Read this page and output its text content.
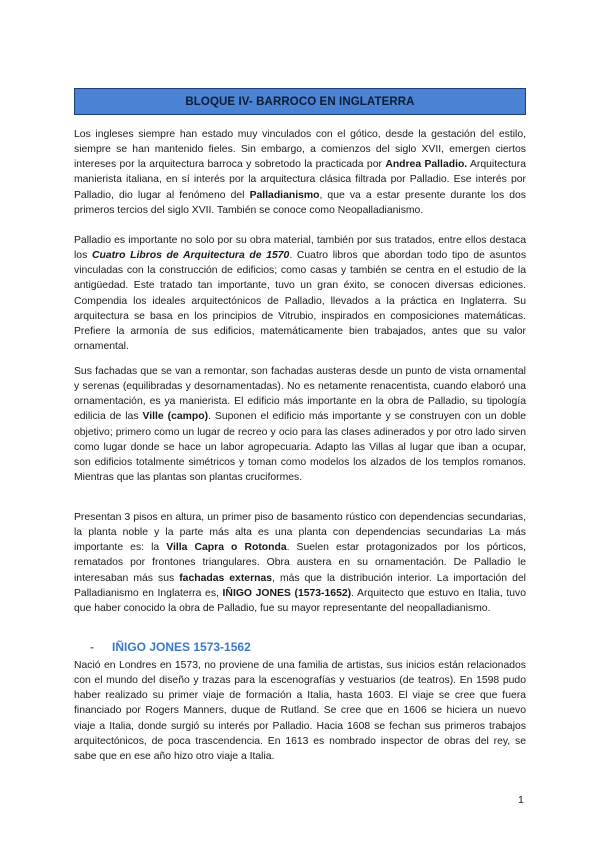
BLOQUE IV- BARROCO EN INGLATERRA

Los ingleses siempre han estado muy vinculados con el gótico, desde la gestación del estilo, siempre se han mantenido fieles. Sin embargo, a comienzos del siglo XVII, emergen ciertos intereses por la arquitectura barroca y sobretodo la practicada por Andrea Palladio. Arquitectura manierista italiana, en sí interés por la arquitectura clásica filtrada por Palladio. Ese interés por Palladio, dio lugar al fenómeno del Palladianismo, que va a estar presente durante los dos primeros tercios del siglo XVII. También se conoce como Neopalladianismo.

Palladio es importante no solo por su obra material, también por sus tratados, entre ellos destaca los Cuatro Libros de Arquitectura de 1570. Cuatro libros que abordan todo tipo de asuntos vinculadas con la construcción de edificios; como casas y también se centra en el estudio de la antigüedad. Este tratado tan importante, tuvo un gran éxito, se conocen diversas ediciones. Compendia los ideales arquitectónicos de Palladio, llevados a la práctica en Inglaterra. Su arquitectura se basa en los principios de Vitrubio, inspirados en composiciones matemáticas. Prefiere la armonía de sus edificios, matemáticamente bien trabajados, antes que su valor ornamental.

Sus fachadas que se van a remontar, son fachadas austeras desde un punto de vista ornamental y serenas (equilibradas y desornamentadas). No es netamente renacentista, cuando elaboró una ornamentación, es ya manierista. El edificio más importante en la obra de Palladio, su tipología edilicia de las Ville (campo). Suponen el edificio más importante y se construyen con un doble objetivo; primero como un lugar de recreo y ocio para las clases adinerados y por otro lado sirven como lugar donde se hace un labor agropecuaria. Adapto las Villas al lugar que iban a ocupar, son edificios totalmente simétricos y toman como modelos los alzados de los templos romanos. Mientras que las plantas son plantas cruciformes.

Presentan 3 pisos en altura, un primer piso de basamento rústico con dependencias secundarias, la planta noble y la parte más alta es una planta con dependencias secundarias La más importante es: la Villa Capra o Rotonda. Suelen estar protagonizados por los pórticos, rematados por frontones triangulares. Obra austera en su ornamentación. De Palladio le interesaban más sus fachadas externas, más que la distribución interior. La importación del Palladianismo en Inglaterra es, IÑIGO JONES (1573-1652). Arquitecto que estuvo en Italia, tuvo que haber conocido la obra de Palladio, fue su mayor representante del neopalladianismo.

- IÑIGO JONES 1573-1562

Nació en Londres en 1573, no proviene de una familia de artistas, sus inicios están relacionados con el mundo del diseño y trazas para la escenografías y vestuarios (de teatros). En 1598 pudo haber realizado su primer viaje de formación a Italia, hasta 1603. El viaje se cree que fuera financiado por Rogers Manners, duque de Rutland. Se cree que en 1606 se hiciera un nuevo viaje a Italia, donde surgió su interés por Palladio. Hacia 1608 se fechan sus primeros trabajos arquitectónicos, de poca trascendencia. En 1613 es nombrado inspector de obras del rey, se sabe que en ese año hizo otro viaje a Italia.

1
